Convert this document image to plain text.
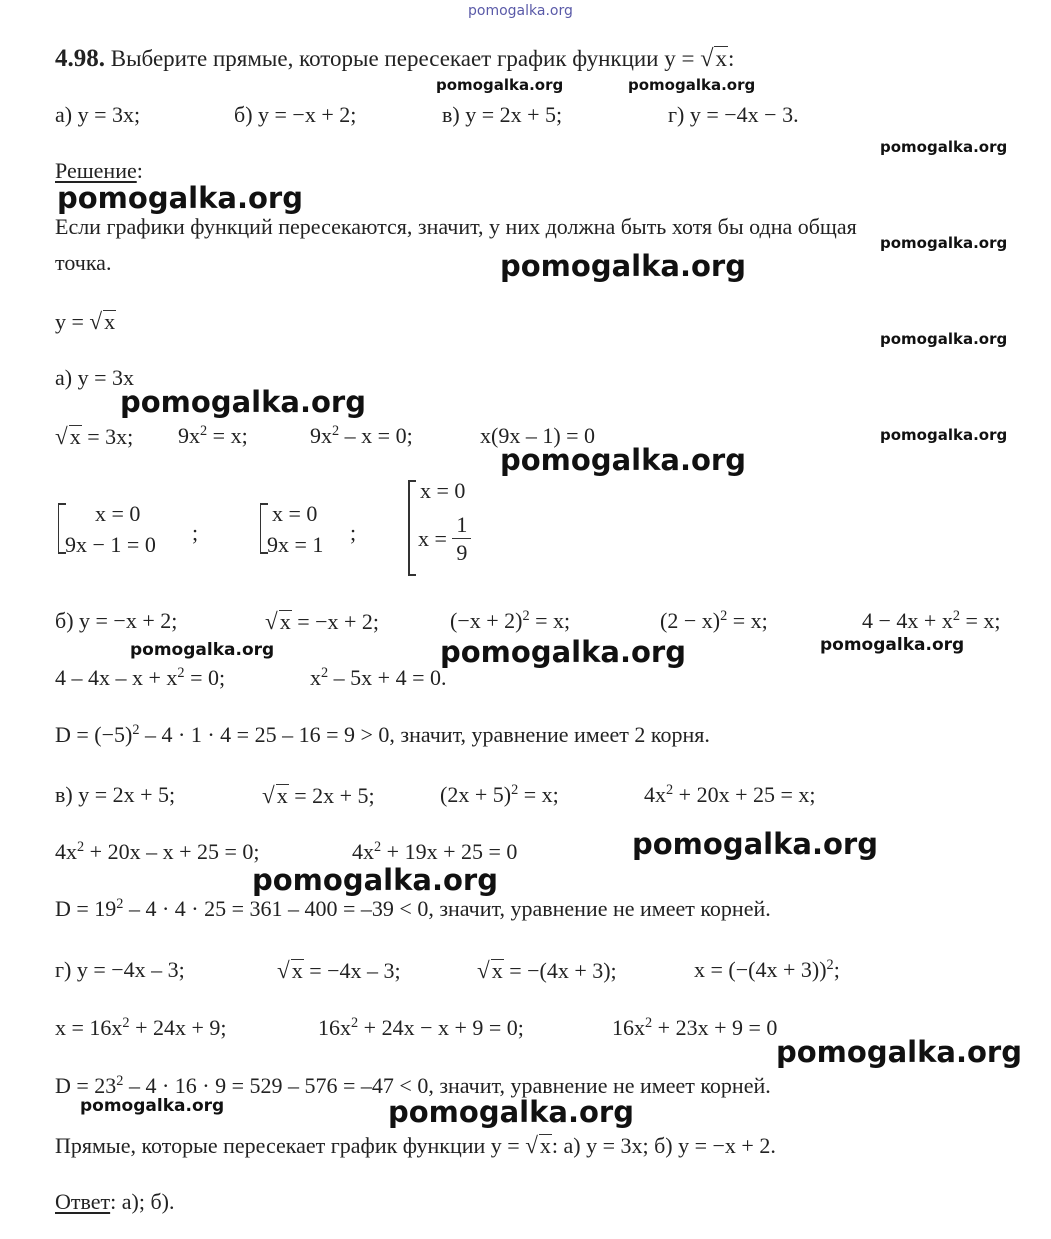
pomogalka.org
4.98. Выберите прямые, которые пересекает график функции y = √x:
pomogalka.org	pomogalka.org
а) y = 3x;	б) y = −x + 2;	в) y = 2x + 5;	г) y = −4x − 3.
pomogalka.org
Решение:
pomogalka.org
Если графики функций пересекаются, значит, у них должна быть хотя бы одна общая
pomogalka.org
точка.	pomogalka.org
y = √x
pomogalka.org
а) y = 3x
pomogalka.org
√x = 3x; $9x^2 = x$;	$9x^2 - x = 0$;	x(9x – 1) = 0	pomogalka.org
pomogalka.org
x = 0
9x − 1 = 0 ;
x = 0
9x = 1 ;
x = 0
$x = \frac{1}{9}$
б) y = −x + 2;	√x = −x + 2;	$(-x + 2)^2 = x$;	$(2 - x)^2 = x$;	$4 - 4x + x^2 = x$;
pomogalka.org	pomogalka.org	pomogalka.org
$4 - 4x - x + x^2 = 0$;	$x^2 - 5x + 4 = 0$.
$D = (-5)^2 - 4 \cdot 1 \cdot 4 = 25 - 16 = 9 > 0$, значит, уравнение имеет 2 корня.
в) y = 2x + 5;	√x = 2x + 5;	$(2x + 5)^2 = x$;	$4x^2 + 20x + 25 = x$;
$4x^2 + 20x - x + 25 = 0$;	$4x^2 + 19x + 25 = 0$	pomogalka.org
pomogalka.org
$D = 19^2 - 4 \cdot 4 \cdot 25 = 361 - 400 = -39 < 0$, значит, уравнение не имеет корней.
г) y = −4x – 3;	√x = −4x – 3;	√x = −(4x + 3);	$x = (-(4x + 3))^2$;
$x = 16x^2 + 24x + 9$;	$16x^2 + 24x - x + 9 = 0$;	$16x^2 + 23x + 9 = 0$
pomogalka.org
$D = 23^2 - 4 \cdot 16 \cdot 9 = 529 - 576 = -47 < 0$, значит, уравнение не имеет корней.
pomogalka.org	pomogalka.org
Прямые, которые пересекает график функции y = √x: а) y = 3x; б) y = −x + 2.
Ответ: а); б).
